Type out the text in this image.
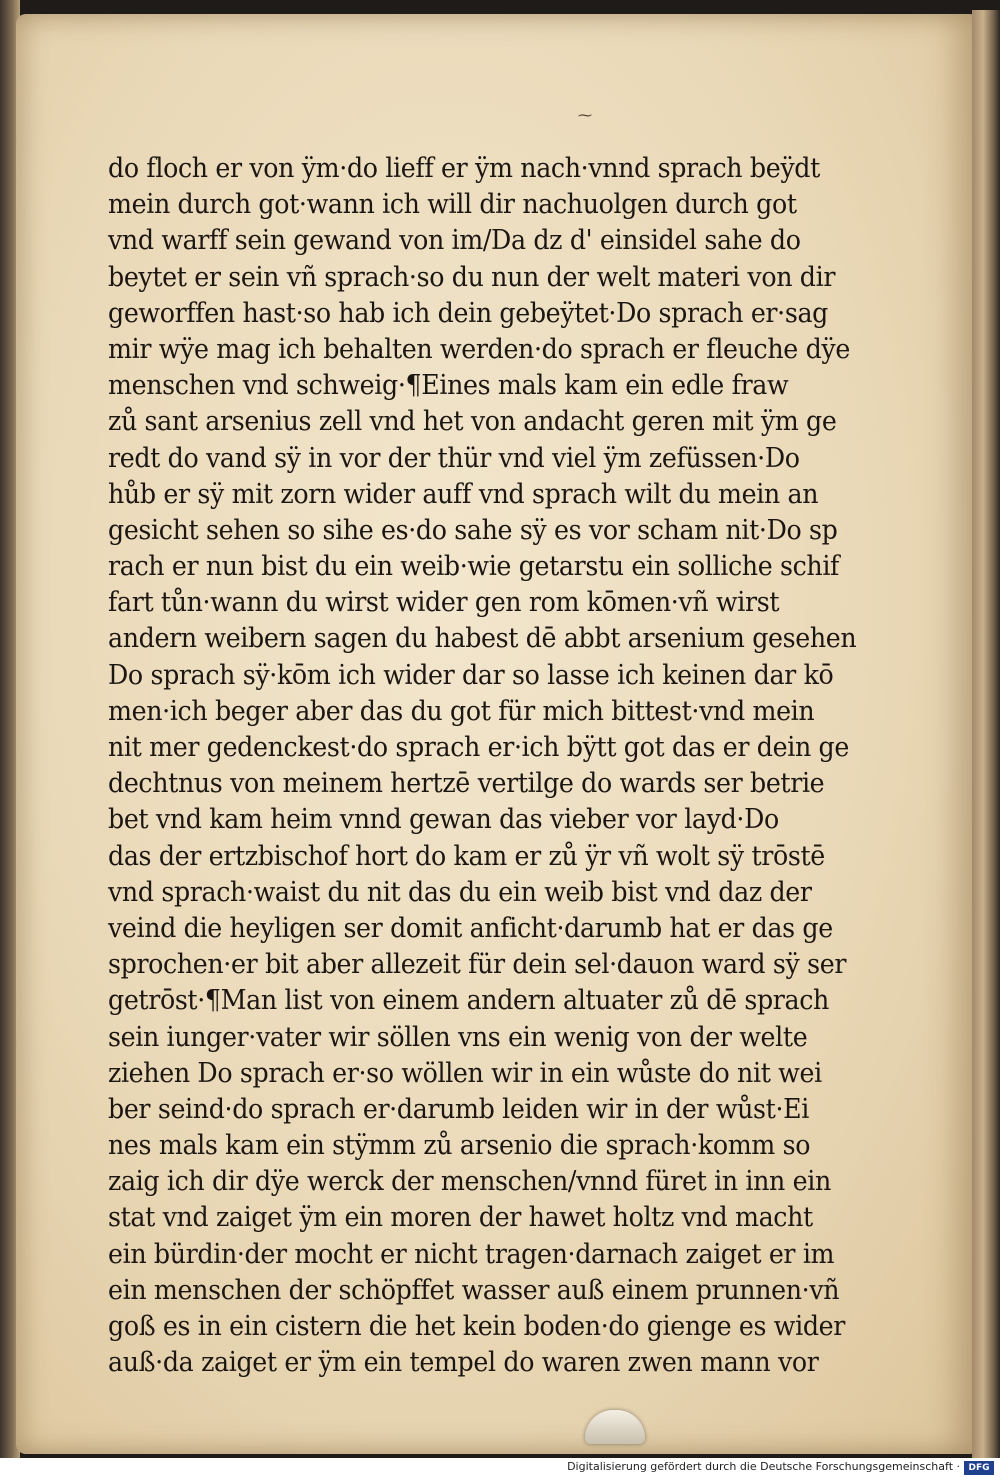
⁓
do floch er von ÿm·do lieff er ÿm nach·vnnd sprach beÿdt
mein durch got·wann ich will dir nachuolgen durch got
vnd warff sein gewand von im/Da dz d' einsidel sahe do
beytet er sein vñ sprach·so du nun der welt materi von dir
geworffen hast·so hab ich dein gebeÿtet·Do sprach er·sag
mir wÿe mag ich behalten werden·do sprach er fleuche dÿe
menschen vnd schweig·¶Eines mals kam ein edle fraw
zů sant arsenius zell vnd het von andacht geren mit ÿm ge
redt do vand sÿ in vor der thür vnd viel ÿm zefüssen·Do
hůb er sÿ mit zorn wider auff vnd sprach wilt du mein an
gesicht sehen so sihe es·do sahe sÿ es vor scham nit·Do sp
rach er nun bist du ein weib·wie getarstu ein solliche schif
fart tůn·wann du wirst wider gen rom kōmen·vñ wirst
andern weibern sagen du habest dē abbt arsenium gesehen
Do sprach sÿ·kōm ich wider dar so lasse ich keinen dar kō
men·ich beger aber das du got für mich bittest·vnd mein
nit mer gedenckest·do sprach er·ich bÿtt got das er dein ge
dechtnus von meinem hertzē vertilge do wards ser betrie
bet vnd kam heim vnnd gewan das vieber vor layd·Do
das der ertzbischof hort do kam er zů ÿr vñ wolt sÿ trōstē
vnd sprach·waist du nit das du ein weib bist vnd daz der
veind die heyligen ser domit anficht·darumb hat er das ge
sprochen·er bit aber allezeit für dein sel·dauon ward sÿ ser
getrōst·¶Man list von einem andern altuater zů dē sprach
sein iunger·vater wir söllen vns ein wenig von der welte
ziehen Do sprach er·so wöllen wir in ein wůste do nit wei
ber seind·do sprach er·darumb leiden wir in der wůst·Ei
nes mals kam ein stÿmm zů arsenio die sprach·komm so
zaig ich dir dÿe werck der menschen/vnnd füret in inn ein
stat vnd zaiget ÿm ein moren der hawet holtz vnd macht
ein bürdin·der mocht er nicht tragen·darnach zaiget er im
ein menschen der schöpffet wasser auß einem prunnen·vñ
goß es in ein cistern die het kein boden·do gienge es wider
auß·da zaiget er ÿm ein tempel do waren zwen mann vor
Digitalisierung gefördert durch die Deutsche Forschungsgemeinschaft · DFG
